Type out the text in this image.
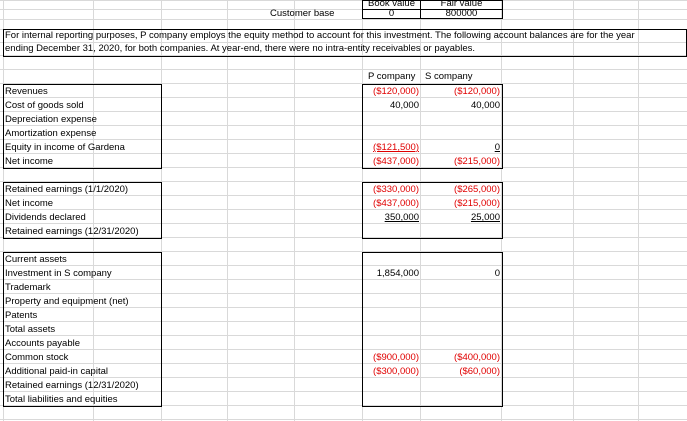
Book value	Fair value
Customer base	0	800000
For internal reporting purposes, P company employs the equity method to account for this investment. The following account balances are for the year
ending December 31, 2020, for both companies. At year-end, there were no intra-entity receivables or payables.
P company S company
Revenues	($120,000)	($120,000)
Cost of goods sold	40,000	40,000
Depreciation expense
Amortization expense
Equity in income of Gardena	($121,500)	0
Net income	($437,000)	($215,000)
Retained earnings (1/1/2020)	($330,000)	($265,000)
Net income	($437,000)	($215,000)
Dividends declared	350,000	25,000
Retained earnings (12/31/2020)
Current assets
Investment in S company	1,854,000	0
Trademark
Property and equipment (net)
Patents
Total assets
Accounts payable
Common stock	($900,000)	($400,000)
Additional paid-in capital	($300,000)	($60,000)
Retained earnings (12/31/2020)
Total liabilities and equities
